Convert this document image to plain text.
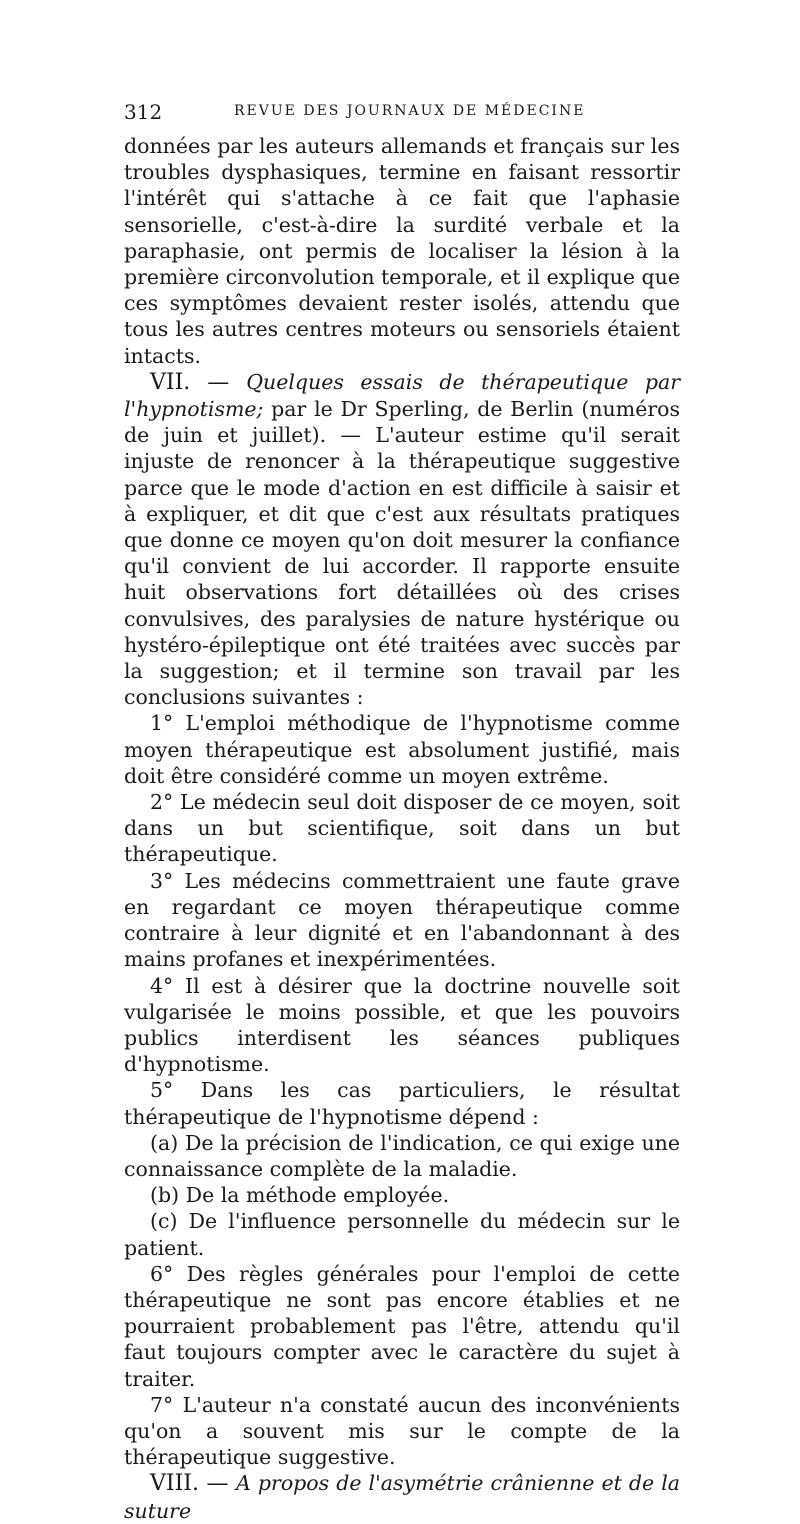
312	REVUE DES JOURNAUX DE MÉDECINE

données par les auteurs allemands et français sur les troubles dysphasiques, termine en faisant ressortir l'intérêt qui s'attache à ce fait que l'aphasie sensorielle, c'est-à-dire la surdité verbale et la paraphasie, ont permis de localiser la lésion à la première circonvolution temporale, et il explique que ces symptômes devaient rester isolés, attendu que tous les autres centres moteurs ou sensoriels étaient intacts.

VII. — Quelques essais de thérapeutique par l'hypnotisme; par le Dr Sperling, de Berlin (numéros de juin et juillet). — L'auteur estime qu'il serait injuste de renoncer à la thérapeutique suggestive parce que le mode d'action en est difficile à saisir et à expliquer, et dit que c'est aux résultats pratiques que donne ce moyen qu'on doit mesurer la confiance qu'il convient de lui accorder. Il rapporte ensuite huit observations fort détaillées où des crises convulsives, des paralysies de nature hystérique ou hystéro-épileptique ont été traitées avec succès par la suggestion; et il termine son travail par les conclusions suivantes :

1° L'emploi méthodique de l'hypnotisme comme moyen thérapeutique est absolument justifié, mais doit être considéré comme un moyen extrême.

2° Le médecin seul doit disposer de ce moyen, soit dans un but scientifique, soit dans un but thérapeutique.

3° Les médecins commettraient une faute grave en regardant ce moyen thérapeutique comme contraire à leur dignité et en l'abandonnant à des mains profanes et inexpérimentées.

4° Il est à désirer que la doctrine nouvelle soit vulgarisée le moins possible, et que les pouvoirs publics interdisent les séances publiques d'hypnotisme.

5° Dans les cas particuliers, le résultat thérapeutique de l'hypnotisme dépend :

(a) De la précision de l'indication, ce qui exige une connaissance complète de la maladie.

(b) De la méthode employée.

(c) De l'influence personnelle du médecin sur le patient.

6° Des règles générales pour l'emploi de cette thérapeutique ne sont pas encore établies et ne pourraient probablement pas l'être, attendu qu'il faut toujours compter avec le caractère du sujet à traiter.

7° L'auteur n'a constaté aucun des inconvénients qu'on a souvent mis sur le compte de la thérapeutique suggestive.

VIII. — A propos de l'asymétrie crânienne et de la suture
